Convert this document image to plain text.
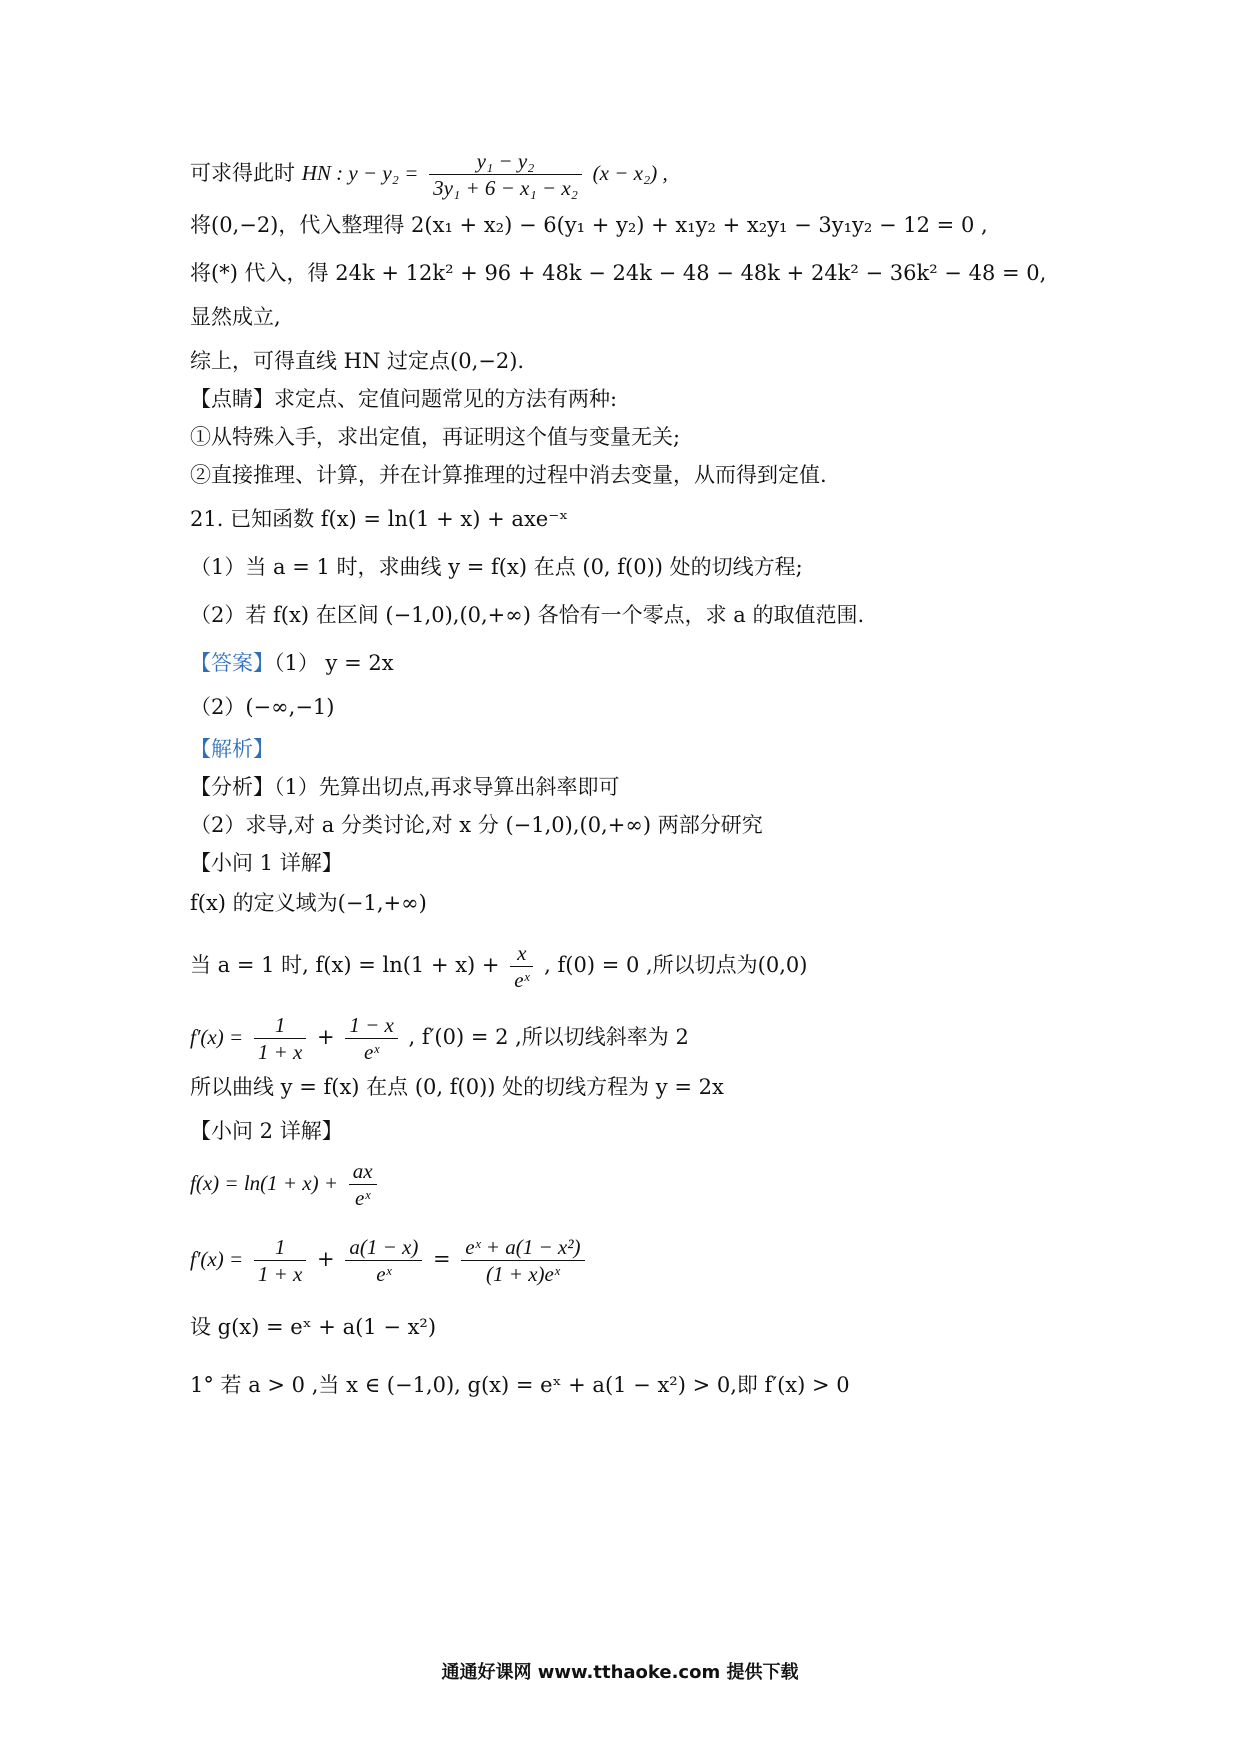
可求得此时 HN : $y - y_2 = \frac{\text{y₁ − y₂}}{\text{3y₁ + 6 − x₁ − x₂}} (x - x_2)$ ,
将(0,−2)，代入整理得 2(x₁ + x₂) − 6(y₁ + y₂) + x₁y₂ + x₂y₁ − 3y₁y₂ − 12 = 0 ,
将(*) 代入，得 24k + 12k² + 96 + 48k − 24k − 48 − 48k + 24k² − 36k² − 48 = 0,
显然成立,
综上，可得直线 HN 过定点(0,−2).
【点睛】求定点、定值问题常见的方法有两种:
①从特殊入手，求出定值，再证明这个值与变量无关;
②直接推理、计算，并在计算推理的过程中消去变量，从而得到定值.
21. 已知函数 f(x) = ln(1 + x) + axe⁻ˣ
（1）当 a = 1 时，求曲线 y = f(x) 在点 (0, f(0)) 处的切线方程;
（2）若 f(x) 在区间 (−1,0),(0,+∞) 各恰有一个零点，求 a 的取值范围.
【答案】（1） y = 2x
（2）(−∞,−1)
【解析】
【分析】（1）先算出切点,再求导算出斜率即可
（2）求导,对 a 分类讨论,对 x 分 (−1,0),(0,+∞) 两部分研究
【小问 1 详解】
f(x) 的定义域为(−1,+∞)
当 a = 1 时, $f(x) = \ln(1 + x) + \frac{x}{\text{eˣ}}$ , f(0) = 0 ,所以切点为(0,0)
$f'(x) = \frac{1}{1 + x} + \frac{1 - x}{\text{eˣ}}$ , f′(0) = 2 ,所以切线斜率为 2
所以曲线 y = f(x) 在点 (0, f(0)) 处的切线方程为 y = 2x
【小问 2 详解】
$f(x) = \ln(1 + x) + \frac{ax}{\text{eˣ}}$
$f'(x) = \frac{1}{1 + x} + \frac{a(1 - x)}{\text{eˣ}} = \frac{\text{eˣ + a(1 − x²)}}{\text{(1 + x)eˣ}}$
设 g(x) = eˣ + a(1 − x²)
1° 若 a > 0 ,当 x ∈ (−1,0), g(x) = eˣ + a(1 − x²) > 0,即 f′(x) > 0
通通好课网 www.tthaoke.com 提供下载
